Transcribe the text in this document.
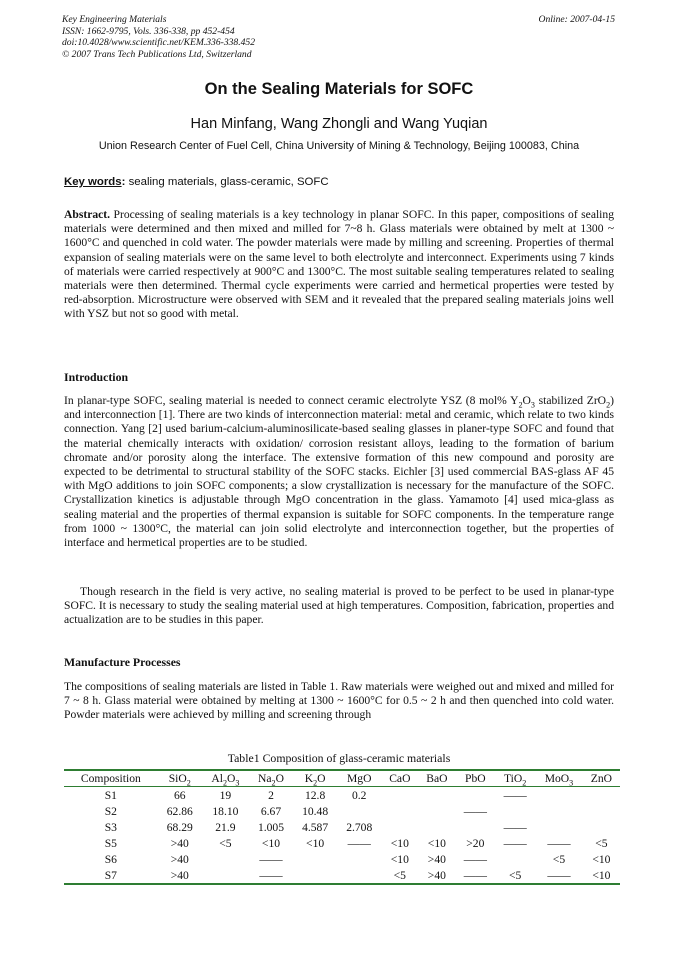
Key Engineering Materials
ISSN: 1662-9795, Vols. 336-338, pp 452-454
doi:10.4028/www.scientific.net/KEM.336-338.452
© 2007 Trans Tech Publications Ltd, Switzerland
Online: 2007-04-15
On the Sealing Materials for SOFC
Han Minfang, Wang Zhongli and Wang Yuqian
Union Research Center of Fuel Cell, China University of Mining & Technology, Beijing 100083, China
Key words: sealing materials, glass-ceramic, SOFC

Abstract. Processing of sealing materials is a key technology in planar SOFC. In this paper, compositions of sealing materials were determined and then mixed and milled for 7~8 h. Glass materials were obtained by melt at 1300 ~ 1600°C and quenched in cold water. The powder materials were made by milling and screening. Properties of thermal expansion of sealing materials were on the same level to both electrolyte and interconnect. Experiments using 7 kinds of materials were carried respectively at 900°C and 1300°C. The most suitable sealing temperatures related to sealing materials were then determined. Thermal cycle experiments were carried and hermetical properties were tested by red-absorption. Microstructure were observed with SEM and it revealed that the prepared sealing materials joins well with YSZ but not so good with metal.

Introduction

In planar-type SOFC, sealing material is needed to connect ceramic electrolyte YSZ (8 mol% $Y_2O_3$ stabilized ZrO$_2$) and interconnection [1]. There are two kinds of interconnection material: metal and ceramic, which relate to two kinds connection. Yang [2] used barium-calcium-aluminosilicate-based sealing glasses in planer-type SOFC and found that the material chemically interacts with oxidation/ corrosion resistant alloys, leading to the formation of barium chromate and/or porosity along the interface. The extensive formation of this new compound and porosity are expected to be detrimental to structural stability of the SOFC stacks. Eichler [3] used commercial BAS-glass AF 45 with MgO additions to join SOFC components; a slow crystallization is necessary for the manufacture of the SOFC. Crystallization kinetics is adjustable through MgO concentration in the glass. Yamamoto [4] used mica-glass as sealing material and the properties of thermal expansion is suitable for SOFC components. In the temperature range from 1000 ~ 1300°C, the material can join solid electrolyte and interconnection together, but the properties of interface and hermetical properties are to be studied.

Though research in the field is very active, no sealing material is proved to be perfect to be used in planar-type SOFC. It is necessary to study the sealing material used at high temperatures. Composition, fabrication, properties and actualization are to be studies in this paper.

Manufacture Processes

The compositions of sealing materials are listed in Table 1. Raw materials were weighed out and mixed and milled for 7 ~ 8 h. Glass material were obtained by melting at 1300 ~ 1600°C for 0.5 ~ 2 h and then quenched into cold water. Powder materials were achieved by milling and screening through

Table1 Composition of glass-ceramic materials
Composition	SiO$_2$	$Al_2O_3$	$Na_2O$	$K_2O$	MgO	CaO	BaO	PbO	TiO$_2$	MoO$_3$	ZnO
S1	66	19	2	12.8	0.2				——		
S2	62.86	18.10	6.67	10.48				——			
S3	68.29	21.9	1.005	4.587	2.708				——		
S5	>40	<5	<10	<10	——	<10	<10	>20	——	——	<5
S6	>40		——			<10	>40	——		<5	<10
S7	>40		——			<5	>40	——	<5	——	<10
